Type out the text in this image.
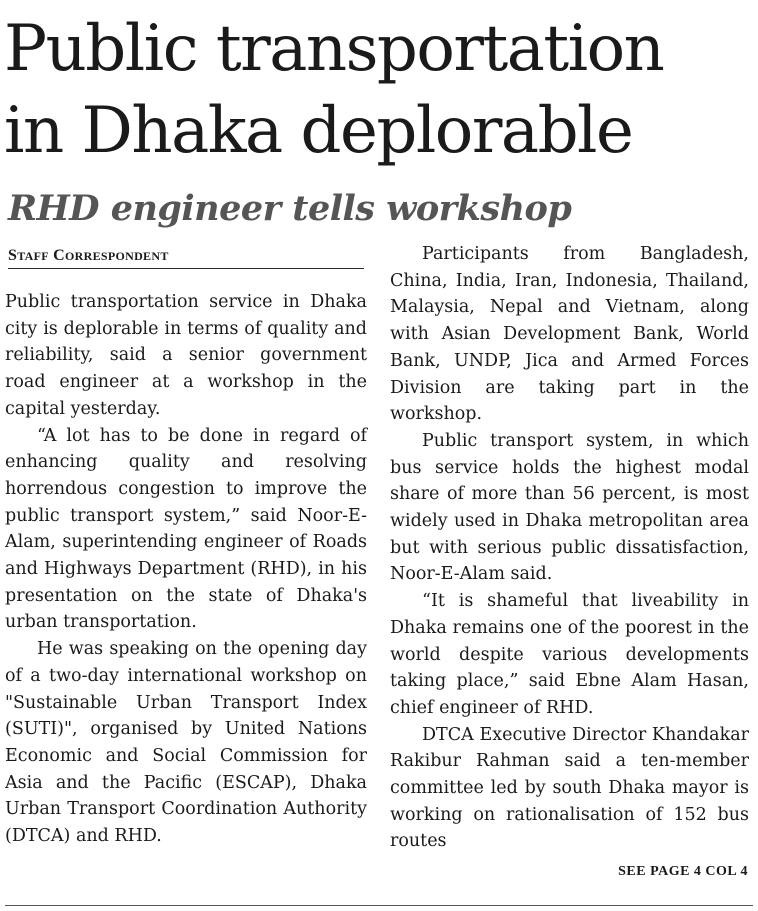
Public transportation
in Dhaka deplorable
RHD engineer tells workshop
STAFF CORRESPONDENT

Public transportation service in Dhaka city is deplorable in terms of quality and reliability, said a senior government road engineer at a workshop in the capital yesterday.

“A lot has to be done in regard of enhancing quality and resolving horrendous congestion to improve the public transport system,” said Noor-E-Alam, superintending engineer of Roads and Highways Department (RHD), in his presentation on the state of Dhaka's urban transportation.

He was speaking on the opening day of a two-day international workshop on "Sustainable Urban Transport Index (SUTI)", organised by United Nations Economic and Social Commission for Asia and the Pacific (ESCAP), Dhaka Urban Transport Coordination Authority (DTCA) and RHD.

Participants from Bangladesh, China, India, Iran, Indonesia, Thailand, Malaysia, Nepal and Vietnam, along with Asian Development Bank, World Bank, UNDP, Jica and Armed Forces Division are taking part in the workshop.

Public transport system, in which bus service holds the highest modal share of more than 56 percent, is most widely used in Dhaka metropolitan area but with serious public dissatisfaction, Noor-E-Alam said.

“It is shameful that liveability in Dhaka remains one of the poorest in the world despite various developments taking place,” said Ebne Alam Hasan, chief engineer of RHD.

DTCA Executive Director Khandakar Rakibur Rahman said a ten-member committee led by south Dhaka mayor is working on rationalisation of 152 bus routes

SEE PAGE 4 COL 4
